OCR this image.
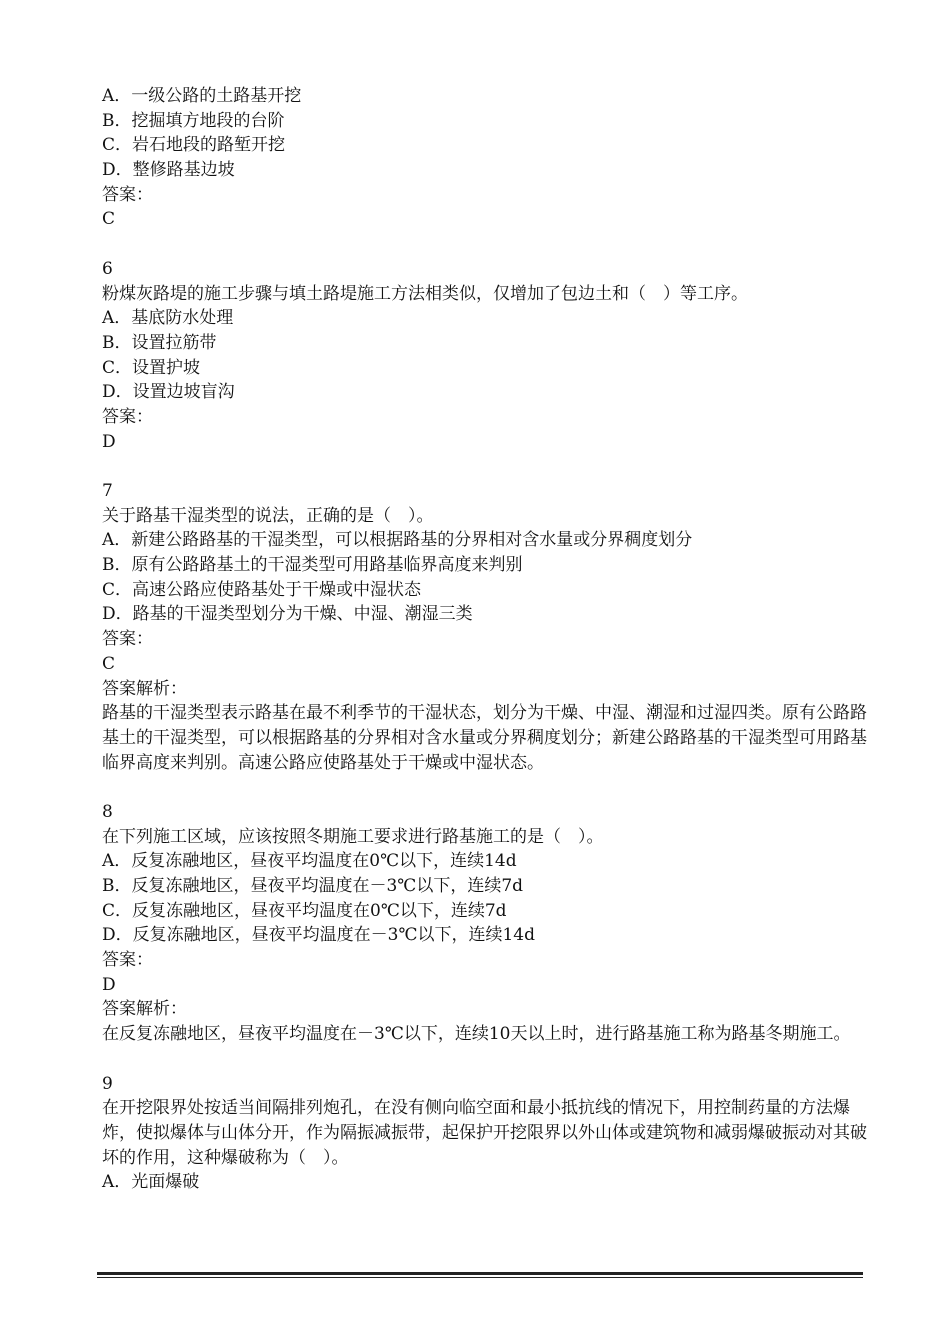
A．一级公路的土路基开挖
B．挖掘填方地段的台阶
C．岩石地段的路堑开挖
D．整修路基边坡
答案：
C
6
粉煤灰路堤的施工步骤与填土路堤施工方法相类似，仅增加了包边土和（　）等工序。
A．基底防水处理
B．设置拉筋带
C．设置护坡
D．设置边坡盲沟
答案：
D
7
关于路基干湿类型的说法，正确的是（　）。
A．新建公路路基的干湿类型，可以根据路基的分界相对含水量或分界稠度划分
B．原有公路路基土的干湿类型可用路基临界高度来判别
C．高速公路应使路基处于干燥或中湿状态
D．路基的干湿类型划分为干燥、中湿、潮湿三类
答案：
C
答案解析：
路基的干湿类型表示路基在最不利季节的干湿状态，划分为干燥、中湿、潮湿和过湿四类。原有公路路基土的干湿类型，可以根据路基的分界相对含水量或分界稠度划分；新建公路路基的干湿类型可用路基临界高度来判别。高速公路应使路基处于干燥或中湿状态。
8
在下列施工区域，应该按照冬期施工要求进行路基施工的是（　）。
A．反复冻融地区，昼夜平均温度在0℃以下，连续14d
B．反复冻融地区，昼夜平均温度在－3℃以下，连续7d
C．反复冻融地区，昼夜平均温度在0℃以下，连续7d
D．反复冻融地区，昼夜平均温度在－3℃以下，连续14d
答案：
D
答案解析：
在反复冻融地区，昼夜平均温度在－3℃以下，连续10天以上时，进行路基施工称为路基冬期施工。
9
在开挖限界处按适当间隔排列炮孔，在没有侧向临空面和最小抵抗线的情况下，用控制药量的方法爆炸，使拟爆体与山体分开，作为隔振减振带，起保护开挖限界以外山体或建筑物和减弱爆破振动对其破坏的作用，这种爆破称为（　）。
A．光面爆破
